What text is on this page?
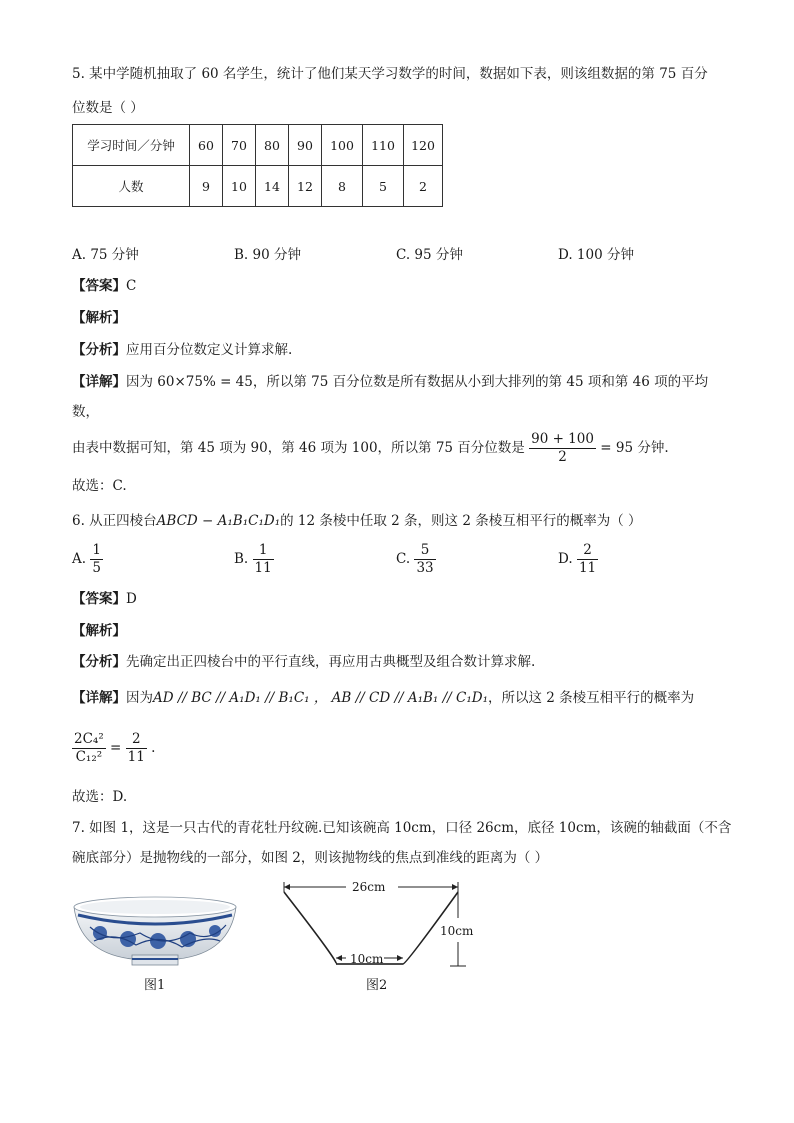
5. 某中学随机抽取了 60 名学生，统计了他们某天学习数学的时间，数据如下表，则该组数据的第 75 百分
位数是（ ）
学习时间／分钟	60	70	80	90	100	110	120
人数	9	10	14	12	8	5	2
A. 75 分钟	B. 90 分钟	C. 95 分钟	D. 100 分钟
【答案】C
【解析】
【分析】应用百分位数定义计算求解.
【详解】因为 60×75% = 45，所以第 75 百分位数是所有数据从小到大排列的第 45 项和第 46 项的平均
数，
由表中数据可知，第 45 项为 90，第 46 项为 100，所以第 75 百分位数是 $\frac{90 + 100}{2} = 95$ 分钟.
故选：C.
6. 从正四棱台ABCD − A₁B₁C₁D₁的 12 条棱中任取 2 条，则这 2 条棱互相平行的概率为（ ）
A. $\frac{1}{5}$	B. $\frac{1}{11}$	C. $\frac{5}{33}$	D. $\frac{2}{11}$
【答案】D
【解析】
【分析】先确定出正四棱台中的平行直线，再应用古典概型及组合数计算求解.
【详解】因为AD // BC // A₁D₁ // B₁C₁ ， AB // CD // A₁B₁ // C₁D₁，所以这 2 条棱互相平行的概率为
$\frac{\text{2C₄²}}{\text{C₁₂²}} = \frac{2}{11}$ .
故选：D.
7. 如图 1，这是一只古代的青花牡丹纹碗.已知该碗高 10cm，口径 26cm，底径 10cm，该碗的轴截面（不含
碗底部分）是抛物线的一部分，如图 2，则该抛物线的焦点到准线的距离为（ ）
图1
26cm
10cm
10cm
图2
